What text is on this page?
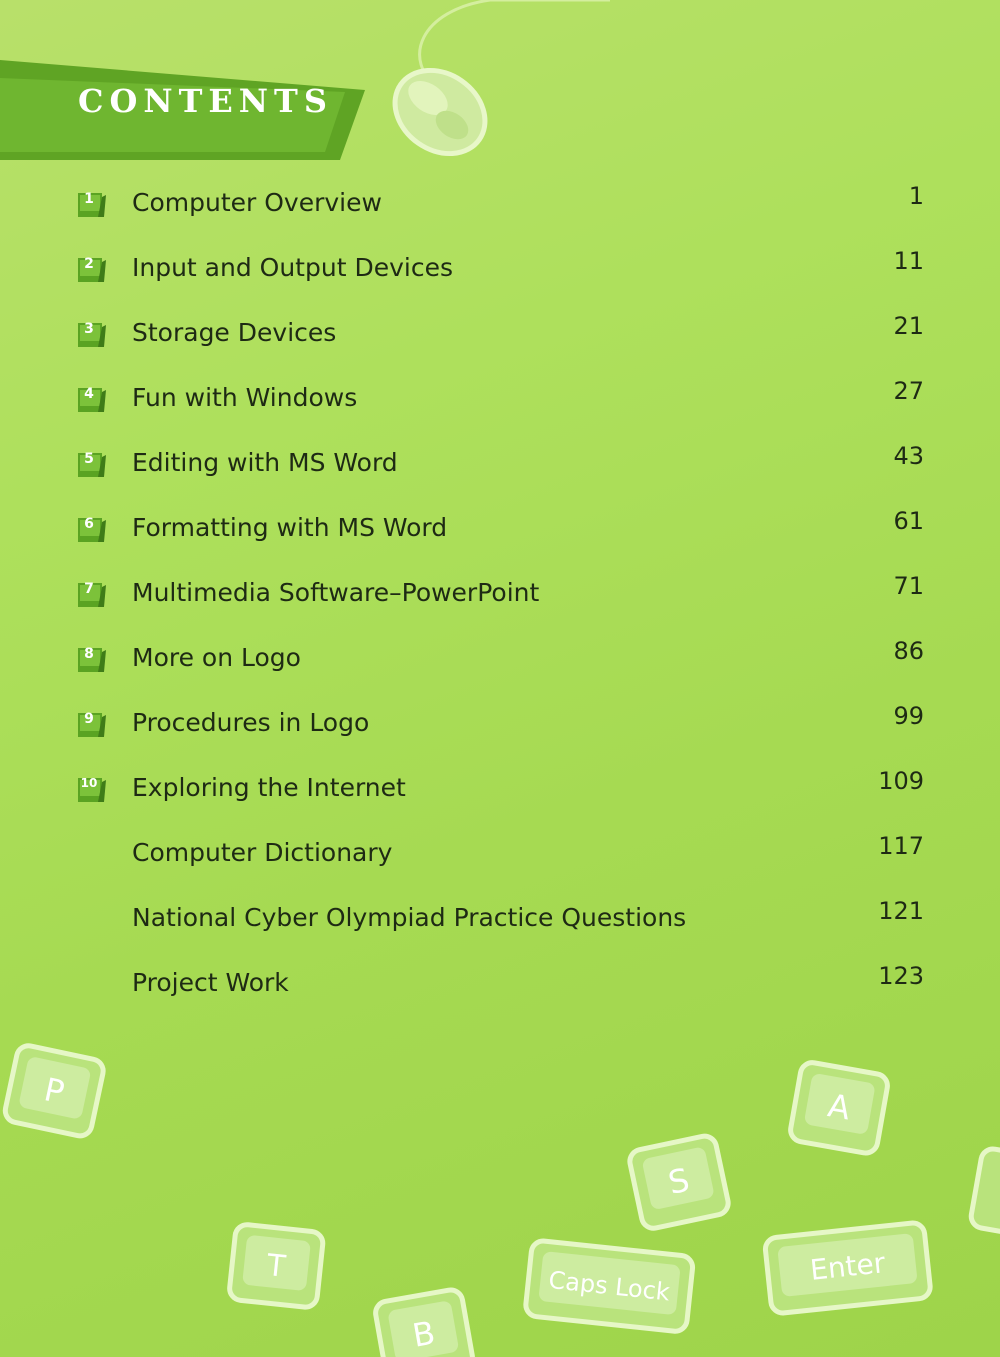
CONTENTS
1	Computer Overview	1
2	Input and Output Devices	11
3	Storage Devices	21
4	Fun with Windows	27
5	Editing with MS Word	43
6	Formatting with MS Word	61
7	Multimedia Software–PowerPoint	71
8	More on Logo	86
9	Procedures in Logo	99
10 Exploring the Internet	109
Computer Dictionary	117
National Cyber Olympiad Practice Questions	121
Project Work	123
P	A
S
T	Caps Lock	Enter
B
